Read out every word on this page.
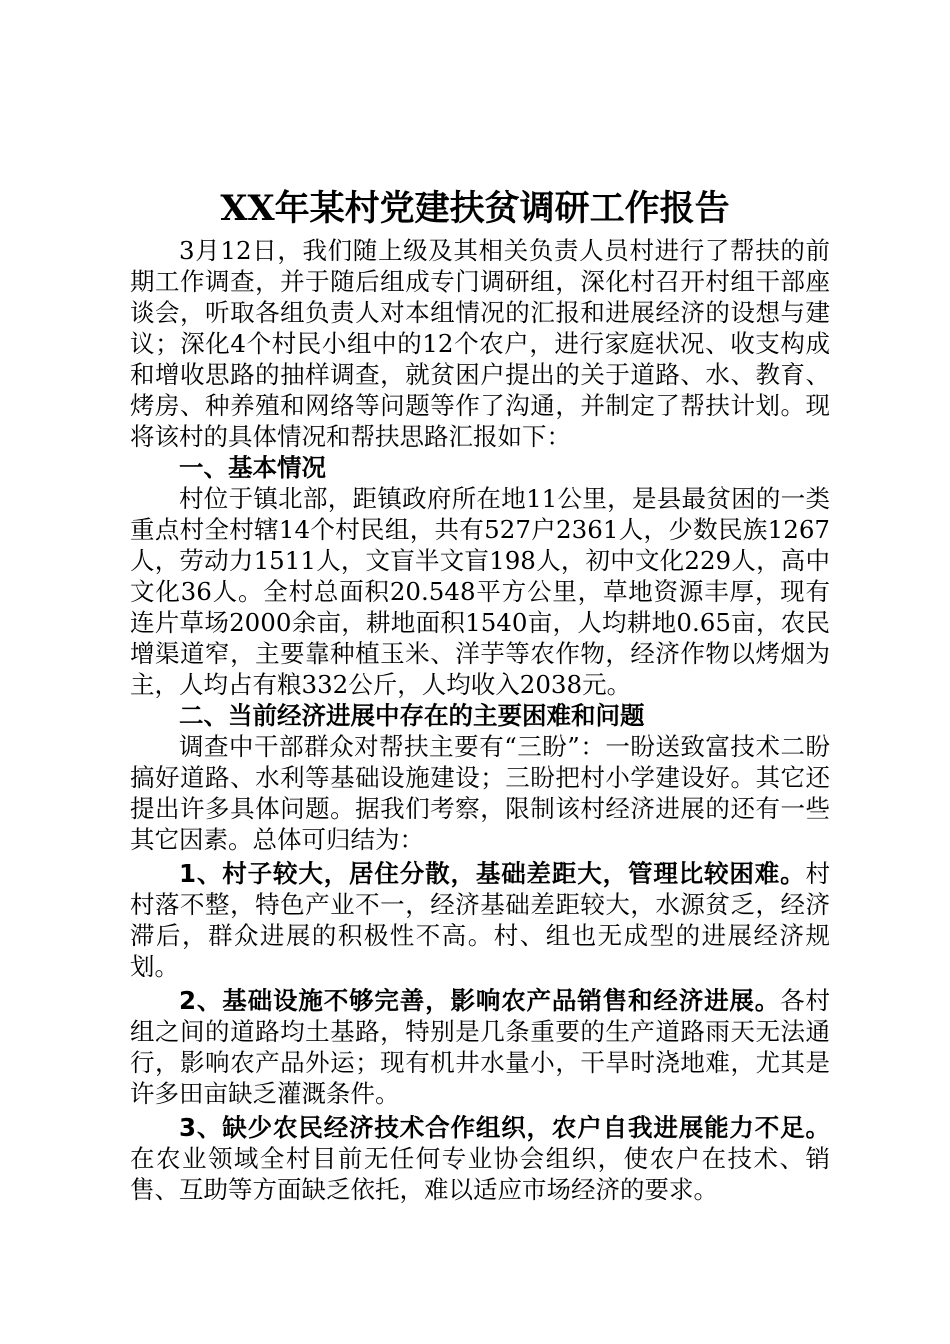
XX年某村党建扶贫调研工作报告

3月12日，我们随上级及其相关负责人员村进行了帮扶的前期工作调查，并于随后组成专门调研组，深化村召开村组干部座谈会，听取各组负责人对本组情况的汇报和进展经济的设想与建议；深化4个村民小组中的12个农户，进行家庭状况、收支构成和增收思路的抽样调查，就贫困户提出的关于道路、水、教育、烤房、种养殖和网络等问题等作了沟通，并制定了帮扶计划。现将该村的具体情况和帮扶思路汇报如下：

一、基本情况

村位于镇北部，距镇政府所在地11公里，是县最贫困的一类重点村全村辖14个村民组，共有527户2361人，少数民族1267人，劳动力1511人，文盲半文盲198人，初中文化229人，高中文化36人。全村总面积20.548平方公里，草地资源丰厚，现有连片草场2000余亩，耕地面积1540亩，人均耕地0.65亩，农民增渠道窄，主要靠种植玉米、洋芋等农作物，经济作物以烤烟为主，人均占有粮332公斤，人均收入2038元。

二、当前经济进展中存在的主要困难和问题

调查中干部群众对帮扶主要有“三盼”：一盼送致富技术二盼搞好道路、水利等基础设施建设；三盼把村小学建设好。其它还提出许多具体问题。据我们考察，限制该村经济进展的还有一些其它因素。总体可归结为：

1、村子较大，居住分散，基础差距大，管理比较困难。村村落不整，特色产业不一，经济基础差距较大，水源贫乏，经济滞后，群众进展的积极性不高。村、组也无成型的进展经济规划。

2、基础设施不够完善，影响农产品销售和经济进展。各村组之间的道路均土基路，特别是几条重要的生产道路雨天无法通行，影响农产品外运；现有机井水量小，干旱时浇地难，尤其是许多田亩缺乏灌溉条件。

3、缺少农民经济技术合作组织，农户自我进展能力不足。在农业领域全村目前无任何专业协会组织，使农户在技术、销售、互助等方面缺乏依托，难以适应市场经济的要求。
